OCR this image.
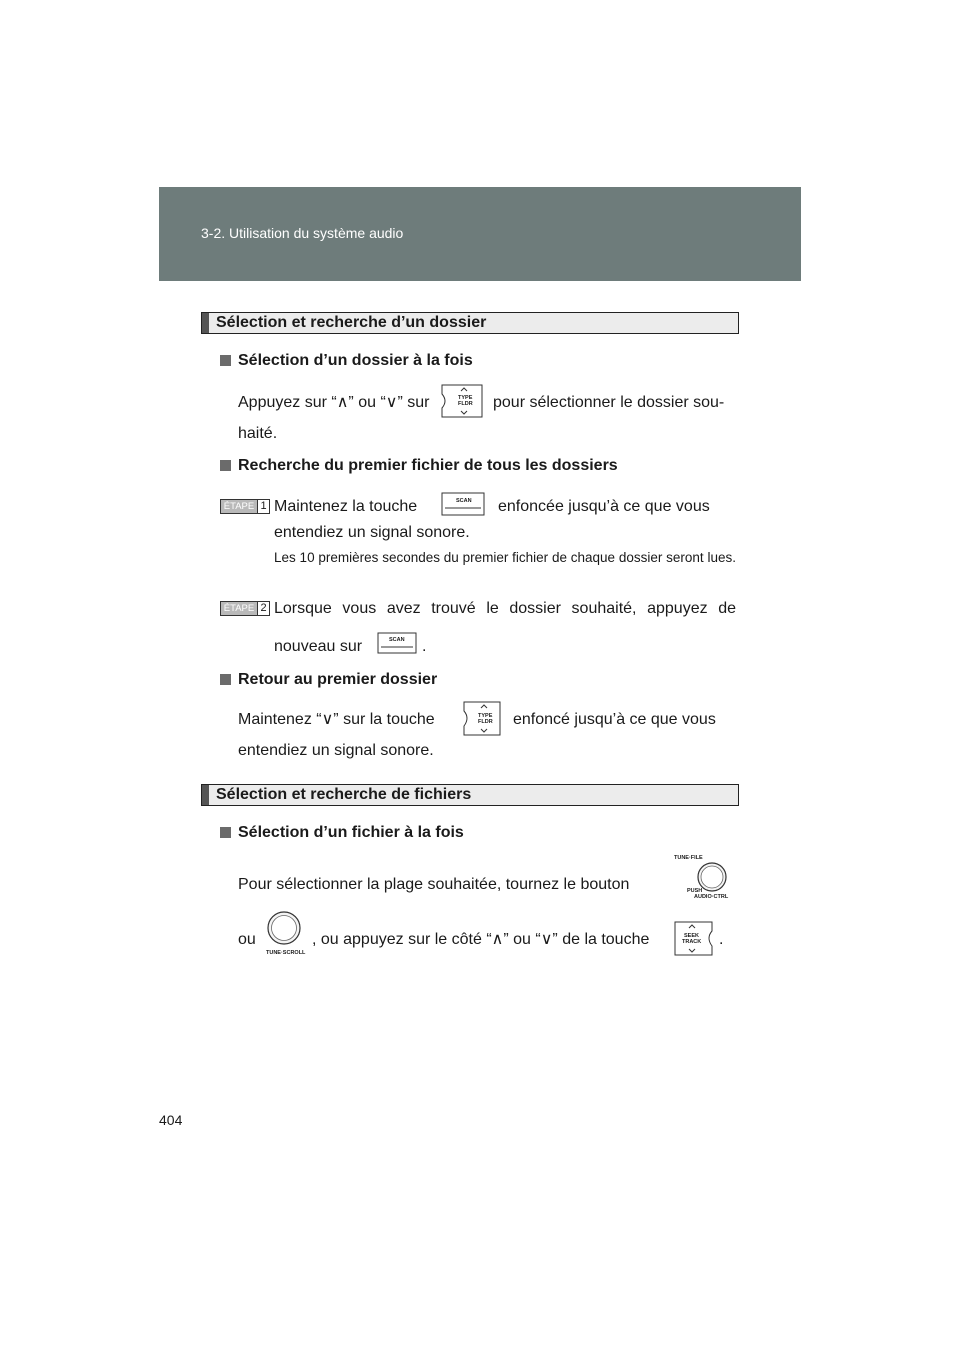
3-2. Utilisation du système audio
Sélection et recherche d’un dossier
Sélection d’un dossier à la fois
Appuyez sur “∧” ou “∨” sur	TYPE
FLDR pour sélectionner le dossier sou-
haité.
Recherche du premier fichier de tous les dossiers
ÉTAPE 1 Maintenez la touche	SCAN enfoncée jusqu’à ce que vous
entendiez un signal sonore.
Les 10 premières secondes du premier fichier de chaque dossier seront lues.
ÉTAPE 2 Lorsque vous avez trouvé le dossier souhaité, appuyez de
nouveau sur	SCAN .
Retour au premier dossier
Maintenez “∨” sur la touche	TYPE
FLDR enfoncé jusqu’à ce que vous
entendiez un signal sonore.
Sélection et recherche de fichiers
Sélection d’un fichier à la fois
Pour sélectionner la plage souhaitée, tournez le bouton
TUNE·FILE
PUSH
AUDIO·CTRL
ou
TUNE·SCROLL
, ou appuyez sur le côté “∧” ou “∨” de la touche	SEEK
TRACK .
404
